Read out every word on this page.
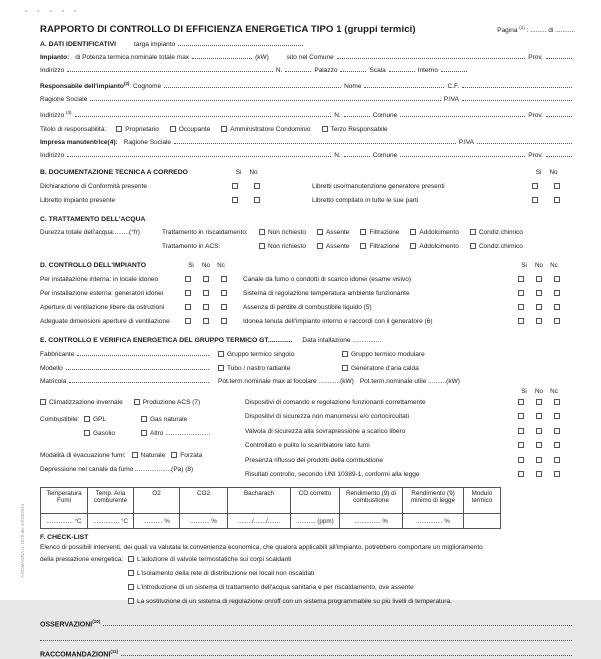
- - - - -
A ROMAGNA n. 1578 del 13/10/2014
RAPPORTO DI CONTROLLO DI EFFICIENZA ENERGETICA TIPO 1 (gruppi termici)	Pagina $^{(1)}$ : ......... di ...........
A. DATI IDENTIFICATIVI	targa impianto
Impianto: di Potenza termica nominale totale max	(kW)	sito nel Comune	Prov.
Indirizzo	N.	Palazzo	Scala	Interno
Responsabile dell'impianto$^{(2)}$ : Cognome	Nome	C.F.
Ragione Sociale	P.IVA
Indirizzo $^{(3)}$	N.	Comune	Prov.
Titolo di responsabilità:	Proprietario	Occupante	Amministratore Condominio	Terzo Responsabile
Impresa manutentrice(4): Ragione Sociale	P.IVA
Indirizzo	N.	Comune	Prov.
B. DOCUMENTAZIONE TECNICA A CORREDO	Si	No	Si	No
Dichiarazione di Conformità presente	Libretti uso/manutenzione generatore presenti
Libretto impianto presente	Libretto compilato in tutte le sue parti
C. TRATTAMENTO DELL'ACQUA
Durezza totale dell'acqua:........(°fr)	Trattamento in riscaldamento:	Non richiesto	Assente	Filtrazione	Addolcimento	Condiz.chimico
Trattamento in ACS:	Non richiesto	Assente	Filtrazione	Addolcimento	Condiz.chimico
D. CONTROLLO DELL'IMPIANTO	Si	No	Nc	Si	No	Nc
Per installazione interna: in locale idoneo	Canale da fumo o condotti di scarico idonei (esame visivo)
Per installazione esterna: generatori idonei	Sistema di regolazione temperatura ambiente funzionante
Aperture di ventilazione libere da ostruzioni	Assenza di perdite di combustibile liquido (5)
Adeguate dimensioni aperture di ventilazione	Idonea tenuta dell'impianto interno e raccordi con il generatore (6)
E. CONTROLLO E VERIFICA ENERGETICA DEL GRUPPO TERMICO GT............. Data intallazione ................
Fabbricante	Gruppo termico singolo	Gruppo termico modulare
Modello	Tubo / nastro radiante	Generatore d'aria calda
Matricola	Pot.term.nominale max al focolare ............(kW) Pot.term.nominale utile ..........(kW)
Si	No	Nc
Climatizzazione invernale	Produzione ACS (7)
Combustibile:	GPL	Gas naturale
Gasolio	Altro .........................
Modalità di evacuazione fumi: Naturale Forzata
Depressione nel canale da fumo ....................(Pa) (8)
Dispositivi di comando e regolazione funzionanti correttamente
Dispositivi di sicurezza non manomessi e/o cortocircuitati
Valvola di sicurezza alla sovrapressione a scarico libero
Controllato e pulito lo scambiatore lato fumi
Presenza riflusso dei prodotti della combustione
Risultati controllo, secondo UNI 10389-1, conformi alla legge
Temperatura Fumi	Temp. Aria comburente	O2	CO2	Bacharach	CO corretto	Rendimento (9) di combustione	Rendimento (9) minimo di legge	Modulo termico
............... °C	............... °C	........... %	........... %	......../......./.......	........... (ppm)	............... %	............... %	
F. CHECK-LIST
Elenco di possibili interventi, dei quali va valutata la convenienza economica, che qualora applicabili all'impianto, potrebbero comportare un miglioramento
della prestazione energetica:	L'adozione di valvole termostatiche sui corpi scaldanti
L'isolamento della rete di distribuzione nei locali non riscaldati
L'introduzione di un sistema di trattamento dell'acqua sanitaria e per riscaldamento, ove assente
La sostituzione di un sistema di regolazione on/off con un sistema programmabile su più livelli di temperatura.
OSSERVAZIONI$^{(10)}$
RACCOMANDAZIONI$^{(11)}$
